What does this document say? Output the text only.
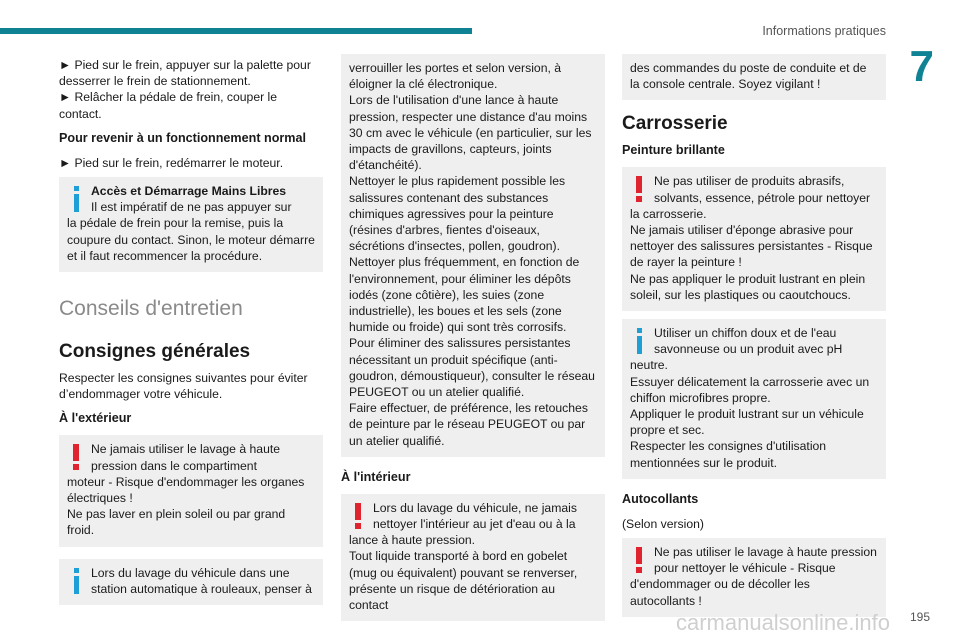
Informations pratiques
7

► Pied sur le frein, appuyer sur la palette pour desserrer le frein de stationnement.

► Relâcher la pédale de frein, couper le contact.

Pour revenir à un fonctionnement normal

► Pied sur le frein, redémarrer le moteur.

Accès et Démarrage Mains Libres

Il est impératif de ne pas appuyer sur

la pédale de frein pour la remise, puis la coupure du contact. Sinon, le moteur démarre et il faut recommencer la procédure.

Conseils d'entretien
Consignes générales

Respecter les consignes suivantes pour éviter d’endommager votre véhicule.

À l'extérieur

Ne jamais utiliser le lavage à haute pression dans le compartiment

moteur - Risque d'endommager les organes électriques !

Ne pas laver en plein soleil ou par grand froid.

Lors du lavage du véhicule dans une station automatique à rouleaux, penser à

verrouiller les portes et selon version, à éloigner la clé électronique.

Lors de l'utilisation d'une lance à haute pression, respecter une distance d'au moins 30 cm avec le véhicule (en particulier, sur les impacts de gravillons, capteurs, joints d'étanchéité).

Nettoyer le plus rapidement possible les salissures contenant des substances chimiques agressives pour la peinture (résines d'arbres, fientes d'oiseaux, sécrétions d'insectes, pollen, goudron).

Nettoyer plus fréquemment, en fonction de l'environnement, pour éliminer les dépôts iodés (zone côtière), les suies (zone industrielle), les boues et les sels (zone humide ou froide) qui sont très corrosifs.

Pour éliminer des salissures persistantes nécessitant un produit spécifique (anti-goudron, démoustiqueur), consulter le réseau PEUGEOT ou un atelier qualifié.

Faire effectuer, de préférence, les retouches de peinture par le réseau PEUGEOT ou par un atelier qualifié.

À l'intérieur

Lors du lavage du véhicule, ne jamais nettoyer l'intérieur au jet d'eau ou à la

lance à haute pression.

Tout liquide transporté à bord en gobelet (mug ou équivalent) pouvant se renverser, présente un risque de détérioration au contact

des commandes du poste de conduite et de la console centrale. Soyez vigilant !

Carrosserie
Peinture brillante

Ne pas utiliser de produits abrasifs, solvants, essence, pétrole pour nettoyer

la carrosserie.

Ne jamais utiliser d'éponge abrasive pour nettoyer des salissures persistantes - Risque de rayer la peinture !

Ne pas appliquer le produit lustrant en plein soleil, sur les plastiques ou caoutchoucs.

Utiliser un chiffon doux et de l'eau savonneuse ou un produit avec pH

neutre.

Essuyer délicatement la carrosserie avec un chiffon microfibres propre.

Appliquer le produit lustrant sur un véhicule propre et sec.

Respecter les consignes d'utilisation mentionnées sur le produit.

Autocollants

(Selon version)

Ne pas utiliser le lavage à haute pression pour nettoyer le véhicule - Risque

d'endommager ou de décoller les autocollants !

195
carmanualsonline.info
